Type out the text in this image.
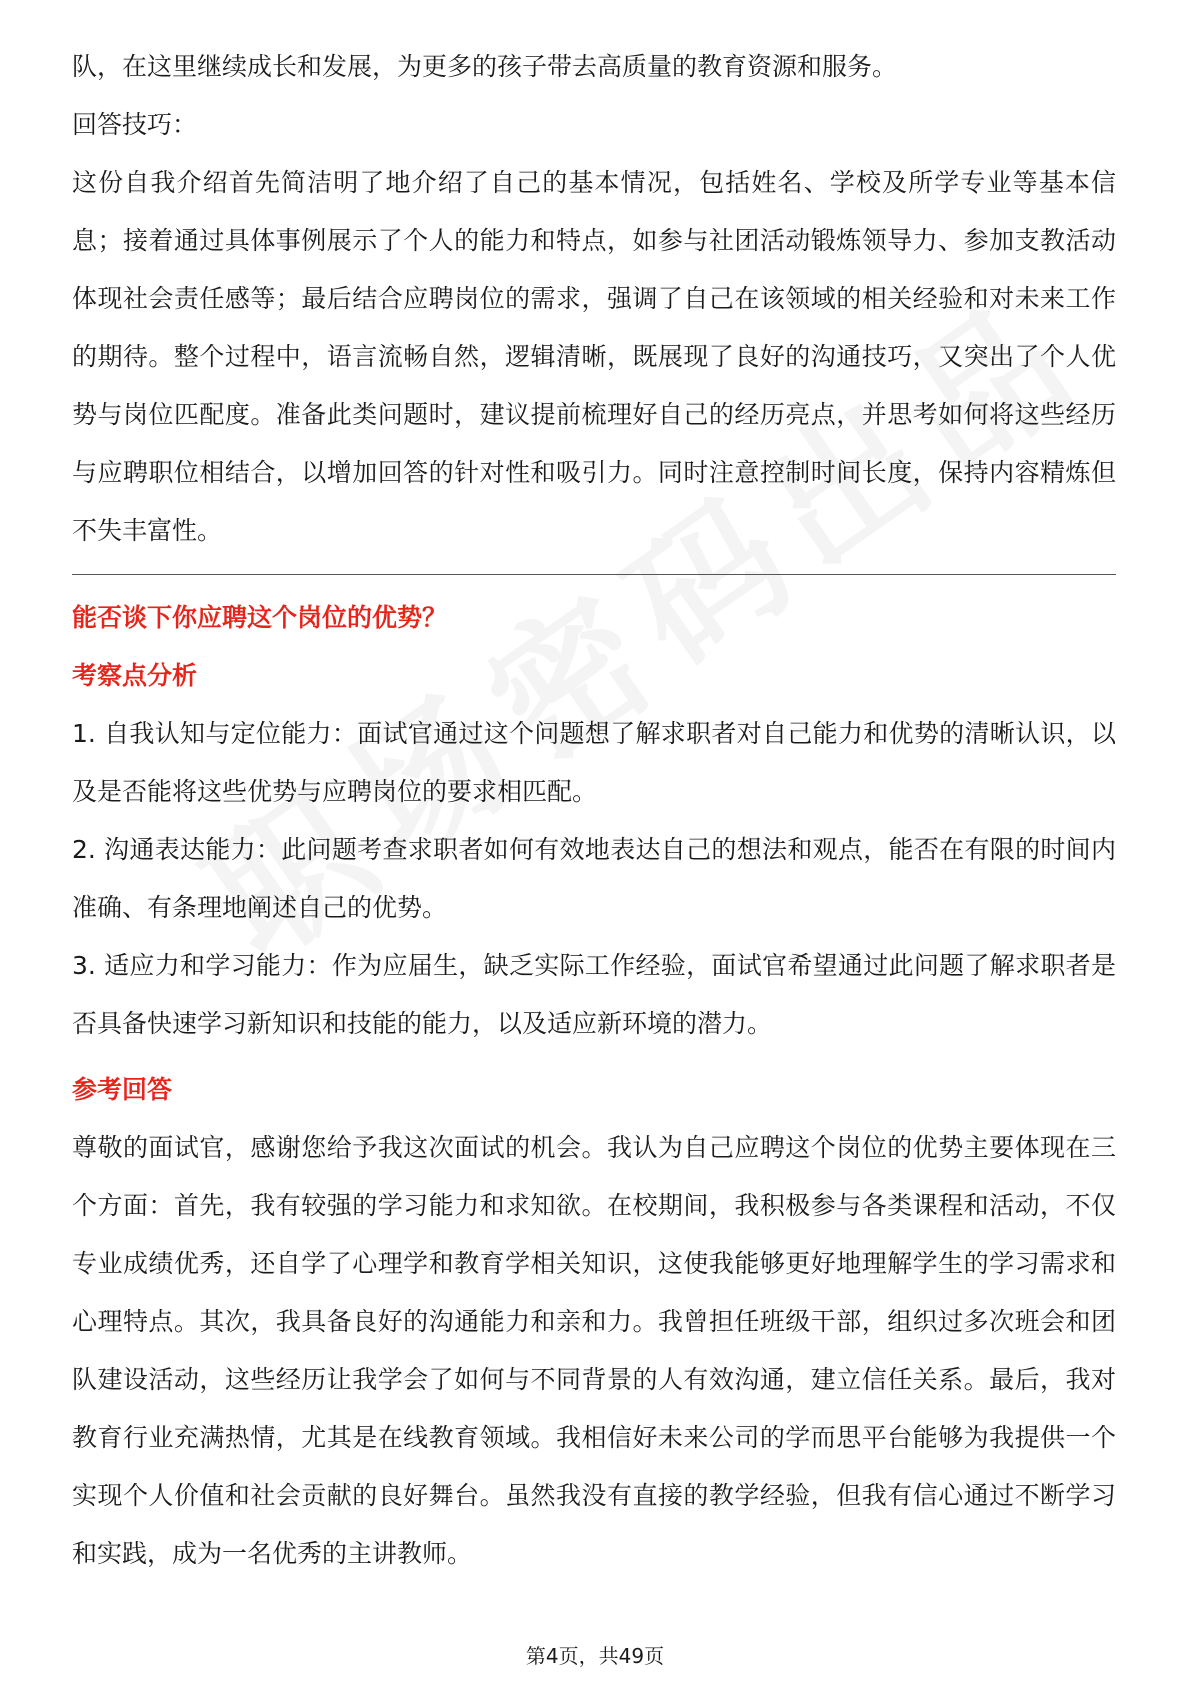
队，在这里继续成长和发展，为更多的孩子带去高质量的教育资源和服务。

回答技巧：

这份自我介绍首先简洁明了地介绍了自己的基本情况，包括姓名、学校及所学专业等基本信息；接着通过具体事例展示了个人的能力和特点，如参与社团活动锻炼领导力、参加支教活动体现社会责任感等；最后结合应聘岗位的需求，强调了自己在该领域的相关经验和对未来工作的期待。整个过程中，语言流畅自然，逻辑清晰，既展现了良好的沟通技巧，又突出了个人优势与岗位匹配度。准备此类问题时，建议提前梳理好自己的经历亮点，并思考如何将这些经历与应聘职位相结合，以增加回答的针对性和吸引力。同时注意控制时间长度，保持内容精炼但不失丰富性。

能否谈下你应聘这个岗位的优势？

考察点分析

1. 自我认知与定位能力：面试官通过这个问题想了解求职者对自己能力和优势的清晰认识，以及是否能将这些优势与应聘岗位的要求相匹配。

2. 沟通表达能力：此问题考查求职者如何有效地表达自己的想法和观点，能否在有限的时间内准确、有条理地阐述自己的优势。

3. 适应力和学习能力：作为应届生，缺乏实际工作经验，面试官希望通过此问题了解求职者是否具备快速学习新知识和技能的能力，以及适应新环境的潜力。

参考回答

尊敬的面试官，感谢您给予我这次面试的机会。我认为自己应聘这个岗位的优势主要体现在三个方面：首先，我有较强的学习能力和求知欲。在校期间，我积极参与各类课程和活动，不仅专业成绩优秀，还自学了心理学和教育学相关知识，这使我能够更好地理解学生的学习需求和心理特点。其次，我具备良好的沟通能力和亲和力。我曾担任班级干部，组织过多次班会和团队建设活动，这些经历让我学会了如何与不同背景的人有效沟通，建立信任关系。最后，我对教育行业充满热情，尤其是在线教育领域。我相信好未来公司的学而思平台能够为我提供一个实现个人价值和社会贡献的良好舞台。虽然我没有直接的教学经验，但我有信心通过不断学习和实践，成为一名优秀的主讲教师。

第4页，共49页
